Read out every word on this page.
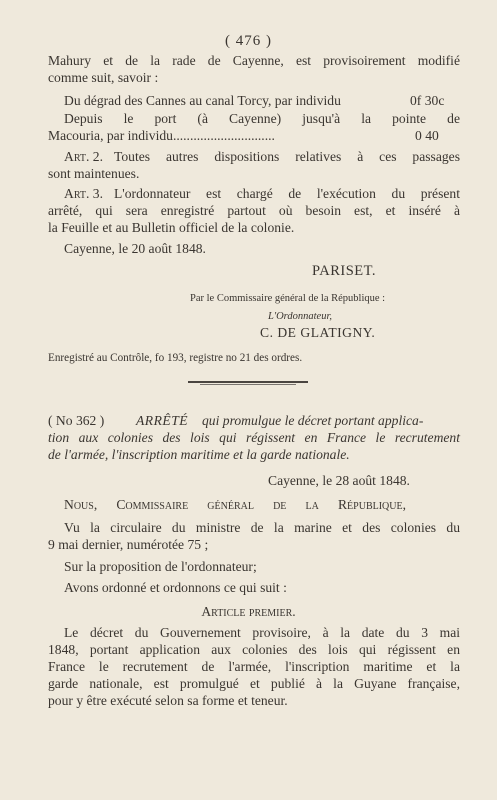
( 476 )
Mahury et de la rade de Cayenne, est provisoirement modifié
comme suit, savoir :
Du dégrad des Cannes au canal Torcy, par individu	0f 30c
Depuis le port (à Cayenne) jusqu'à la pointe de
Macouria, par individu..............................	0 40
Art. 2. Toutes autres dispositions relatives à ces passages
sont maintenues.
Art. 3. L'ordonnateur est chargé de l'exécution du présent
arrêté, qui sera enregistré partout où besoin est, et inséré à
la Feuille et au Bulletin officiel de la colonie.
Cayenne, le 20 août 1848.
PARISET.
Par le Commissaire général de la République :
L'Ordonnateur,
C. DE GLATIGNY.
Enregistré au Contrôle, fo 193, registre no 21 des ordres.
( No 362 ) ARRÊTÉ qui promulgue le décret portant applica-
tion aux colonies des lois qui régissent en France le recrutement
de l'armée, l'inscription maritime et la garde nationale.
Cayenne, le 28 août 1848.
Nous, Commissaire général de la République,
Vu la circulaire du ministre de la marine et des colonies du
9 mai dernier, numérotée 75 ;
Sur la proposition de l'ordonnateur;
Avons ordonné et ordonnons ce qui suit :
Article premier.
Le décret du Gouvernement provisoire, à la date du 3 mai
1848, portant application aux colonies des lois qui régissent en
France le recrutement de l'armée, l'inscription maritime et la
garde nationale, est promulgué et publié à la Guyane française,
pour y être exécuté selon sa forme et teneur.
